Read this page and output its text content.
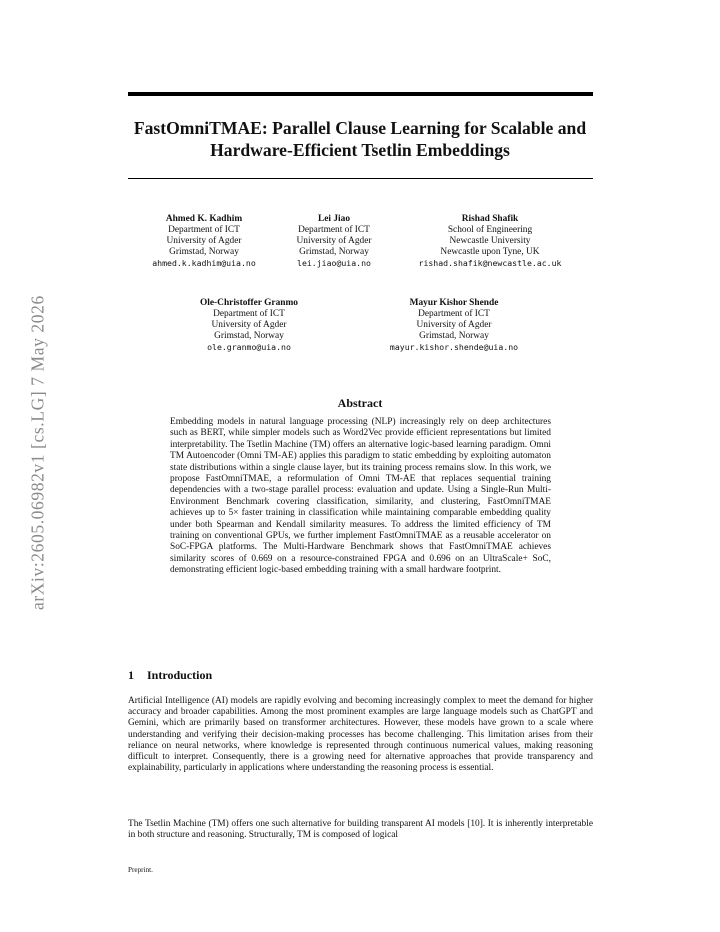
arXiv:2605.06982v1 [cs.LG] 7 May 2026
FastOmniTMAE: Parallel Clause Learning for Scalable and Hardware-Efficient Tsetlin Embeddings
Ahmed K. Kadhim
Department of ICT
University of Agder
Grimstad, Norway
ahmed.k.kadhim@uia.no
Lei Jiao
Department of ICT
University of Agder
Grimstad, Norway
lei.jiao@uia.no
Rishad Shafik
School of Engineering
Newcastle University
Newcastle upon Tyne, UK
rishad.shafik@newcastle.ac.uk
Ole-Christoffer Granmo
Department of ICT
University of Agder
Grimstad, Norway
ole.granmo@uia.no
Mayur Kishor Shende
Department of ICT
University of Agder
Grimstad, Norway
mayur.kishor.shende@uia.no
Abstract
Embedding models in natural language processing (NLP) increasingly rely on deep architectures such as BERT, while simpler models such as Word2Vec provide efficient representations but limited interpretability. The Tsetlin Machine (TM) offers an alternative logic-based learning paradigm. Omni TM Autoencoder (Omni TM-AE) applies this paradigm to static embedding by exploiting automaton state distributions within a single clause layer, but its training process remains slow. In this work, we propose FastOmniTMAE, a reformulation of Omni TM-AE that replaces sequential training dependencies with a two-stage parallel process: evaluation and update. Using a Single-Run Multi-Environment Benchmark covering classification, similarity, and clustering, FastOmniTMAE achieves up to 5× faster training in classification while maintaining comparable embedding quality under both Spearman and Kendall similarity measures. To address the limited efficiency of TM training on conventional GPUs, we further implement FastOmniTMAE as a reusable accelerator on SoC-FPGA platforms. The Multi-Hardware Benchmark shows that FastOmniTMAE achieves similarity scores of 0.669 on a resource-constrained FPGA and 0.696 on an UltraScale+ SoC, demonstrating efficient logic-based embedding training with a small hardware footprint.
1 Introduction
Artificial Intelligence (AI) models are rapidly evolving and becoming increasingly complex to meet the demand for higher accuracy and broader capabilities. Among the most prominent examples are large language models such as ChatGPT and Gemini, which are primarily based on transformer architectures. However, these models have grown to a scale where understanding and verifying their decision-making processes has become challenging. This limitation arises from their reliance on neural networks, where knowledge is represented through continuous numerical values, making reasoning difficult to interpret. Consequently, there is a growing need for alternative approaches that provide transparency and explainability, particularly in applications where understanding the reasoning process is essential.
The Tsetlin Machine (TM) offers one such alternative for building transparent AI models [10]. It is inherently interpretable in both structure and reasoning. Structurally, TM is composed of logical
Preprint.
